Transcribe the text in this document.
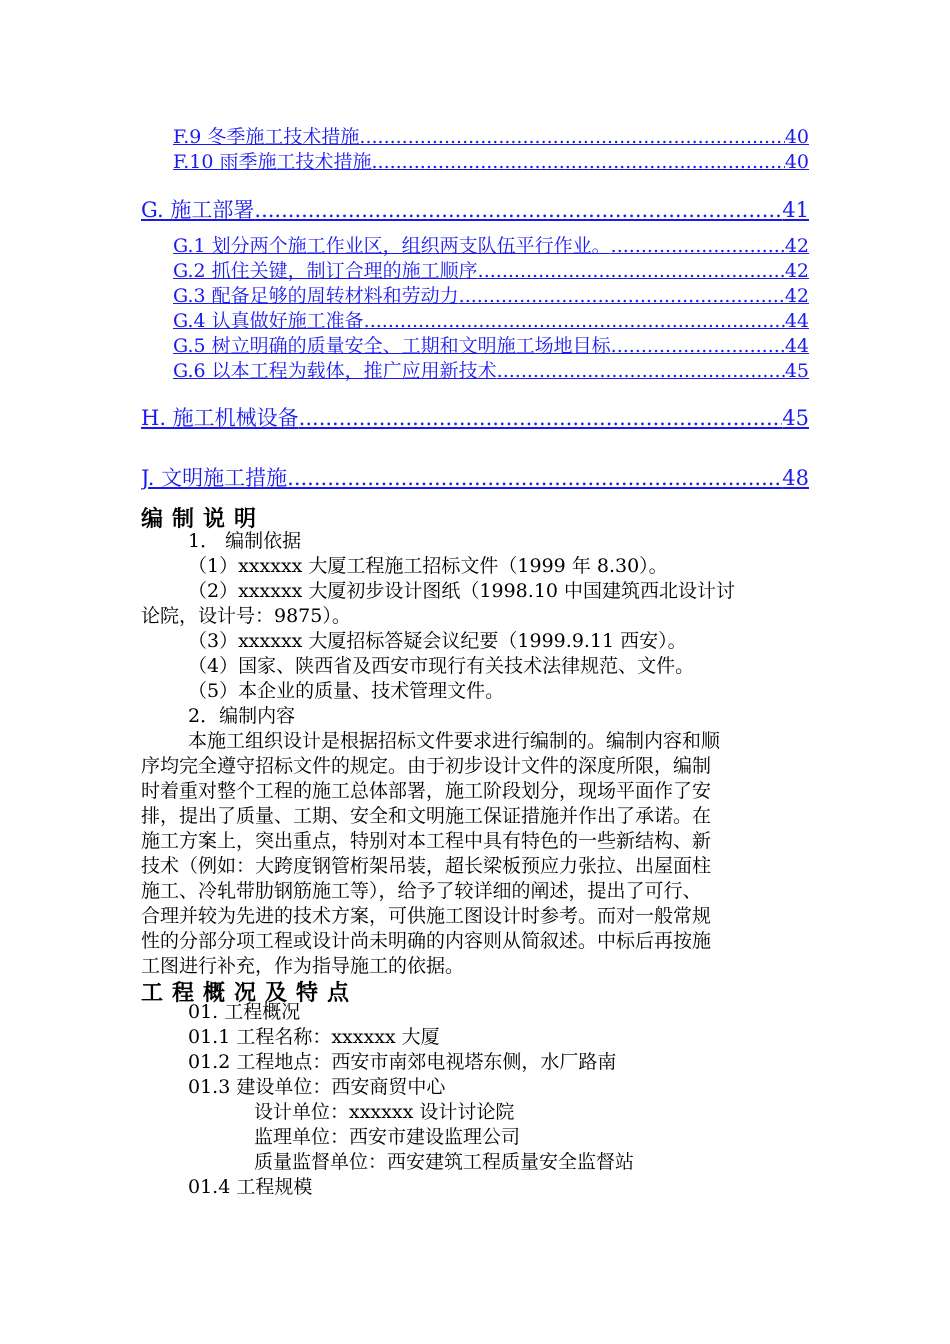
F.9 冬季施工技术措施 .....	40
F.10 雨季施工技术措施 .....	40
G. 施工部署 .....	41
G.1 划分两个施工作业区，组织两支队伍平行作业。 .....	42
G.2 抓住关键，制订合理的施工顺序 .....	42
G.3 配备足够的周转材料和劳动力 .....	42
G.4 认真做好施工准备 .....	44
G.5 树立明确的质量安全、工期和文明施工场地目标 .....	44
G.6 以本工程为载体，推广应用新技术 .....	45
H. 施工机械设备 .....	45
J. 文明施工措施 .....	48
编制说明
1． 编制依据
（1）xxxxxx 大厦工程施工招标文件（1999 年 8.30）。
（2）xxxxxx 大厦初步设计图纸（1998.10 中国建筑西北设计讨
论院，设计号：9875）。
（3）xxxxxx 大厦招标答疑会议纪要（1999.9.11 西安）。
（4）国家、陕西省及西安市现行有关技术法律规范、文件。
（5）本企业的质量、技术管理文件。
2．编制内容
本施工组织设计是根据招标文件要求进行编制的。编制内容和顺
序均完全遵守招标文件的规定。由于初步设计文件的深度所限，编制
时着重对整个工程的施工总体部署，施工阶段划分，现场平面作了安
排，提出了质量、工期、安全和文明施工保证措施并作出了承诺。在
施工方案上，突出重点，特别对本工程中具有特色的一些新结构、新
技术（例如：大跨度钢管桁架吊装，超长梁板预应力张拉、出屋面柱
施工、冷轧带肋钢筋施工等），给予了较详细的阐述，提出了可行、
合理并较为先进的技术方案，可供施工图设计时参考。而对一般常规
性的分部分项工程或设计尚未明确的内容则从简叙述。中标后再按施
工图进行补充，作为指导施工的依据。
工程概况及特点
01. 工程概况
01.1 工程名称：xxxxxx 大厦
01.2 工程地点：西安市南郊电视塔东侧，水厂路南
01.3 建设单位：西安商贸中心
设计单位：xxxxxx 设计讨论院
监理单位：西安市建设监理公司
质量监督单位：西安建筑工程质量安全监督站
01.4 工程规模
